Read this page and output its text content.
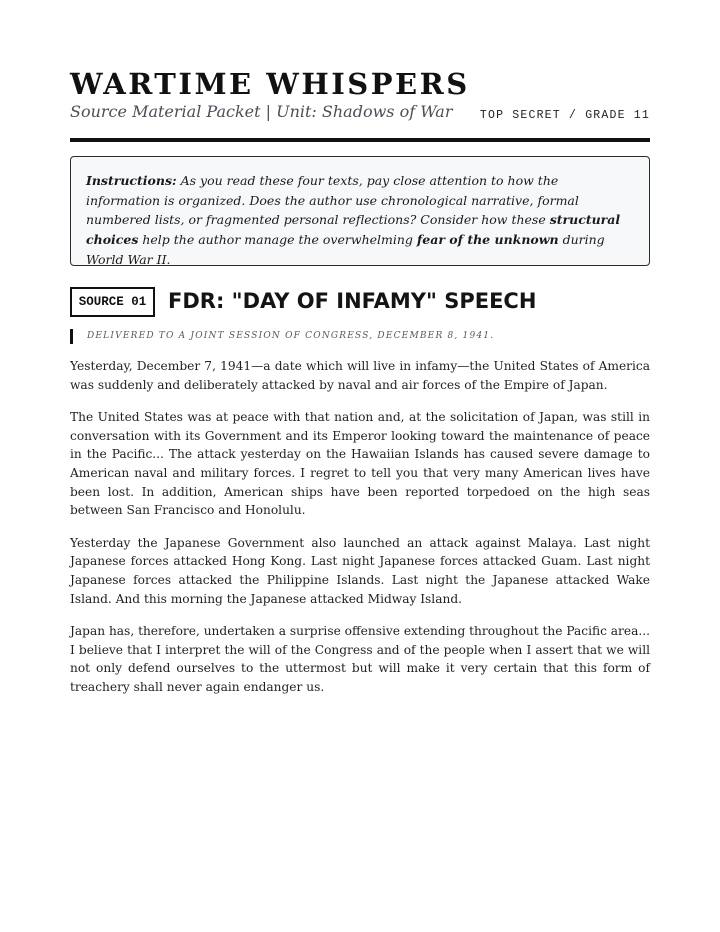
WARTIME WHISPERS
Source Material Packet | Unit: Shadows of War TOP SECRET / GRADE 11
Instructions: As you read these four texts, pay close attention to how the information is organized. Does the author use chronological narrative, formal numbered lists, or fragmented personal reflections? Consider how these structural choices help the author manage the overwhelming fear of the unknown during World War II.
SOURCE 01	FDR: "DAY OF INFAMY" SPEECH
DELIVERED TO A JOINT SESSION OF CONGRESS, DECEMBER 8, 1941.

Yesterday, December 7, 1941—a date which will live in infamy—the United States of America was suddenly and deliberately attacked by naval and air forces of the Empire of Japan.

The United States was at peace with that nation and, at the solicitation of Japan, was still in conversation with its Government and its Emperor looking toward the maintenance of peace in the Pacific... The attack yesterday on the Hawaiian Islands has caused severe damage to American naval and military forces. I regret to tell you that very many American lives have been lost. In addition, American ships have been reported torpedoed on the high seas between San Francisco and Honolulu.

Yesterday the Japanese Government also launched an attack against Malaya. Last night Japanese forces attacked Hong Kong. Last night Japanese forces attacked Guam. Last night Japanese forces attacked the Philippine Islands. Last night the Japanese attacked Wake Island. And this morning the Japanese attacked Midway Island.

Japan has, therefore, undertaken a surprise offensive extending throughout the Pacific area... I believe that I interpret the will of the Congress and of the people when I assert that we will not only defend ourselves to the uttermost but will make it very certain that this form of treachery shall never again endanger us.
